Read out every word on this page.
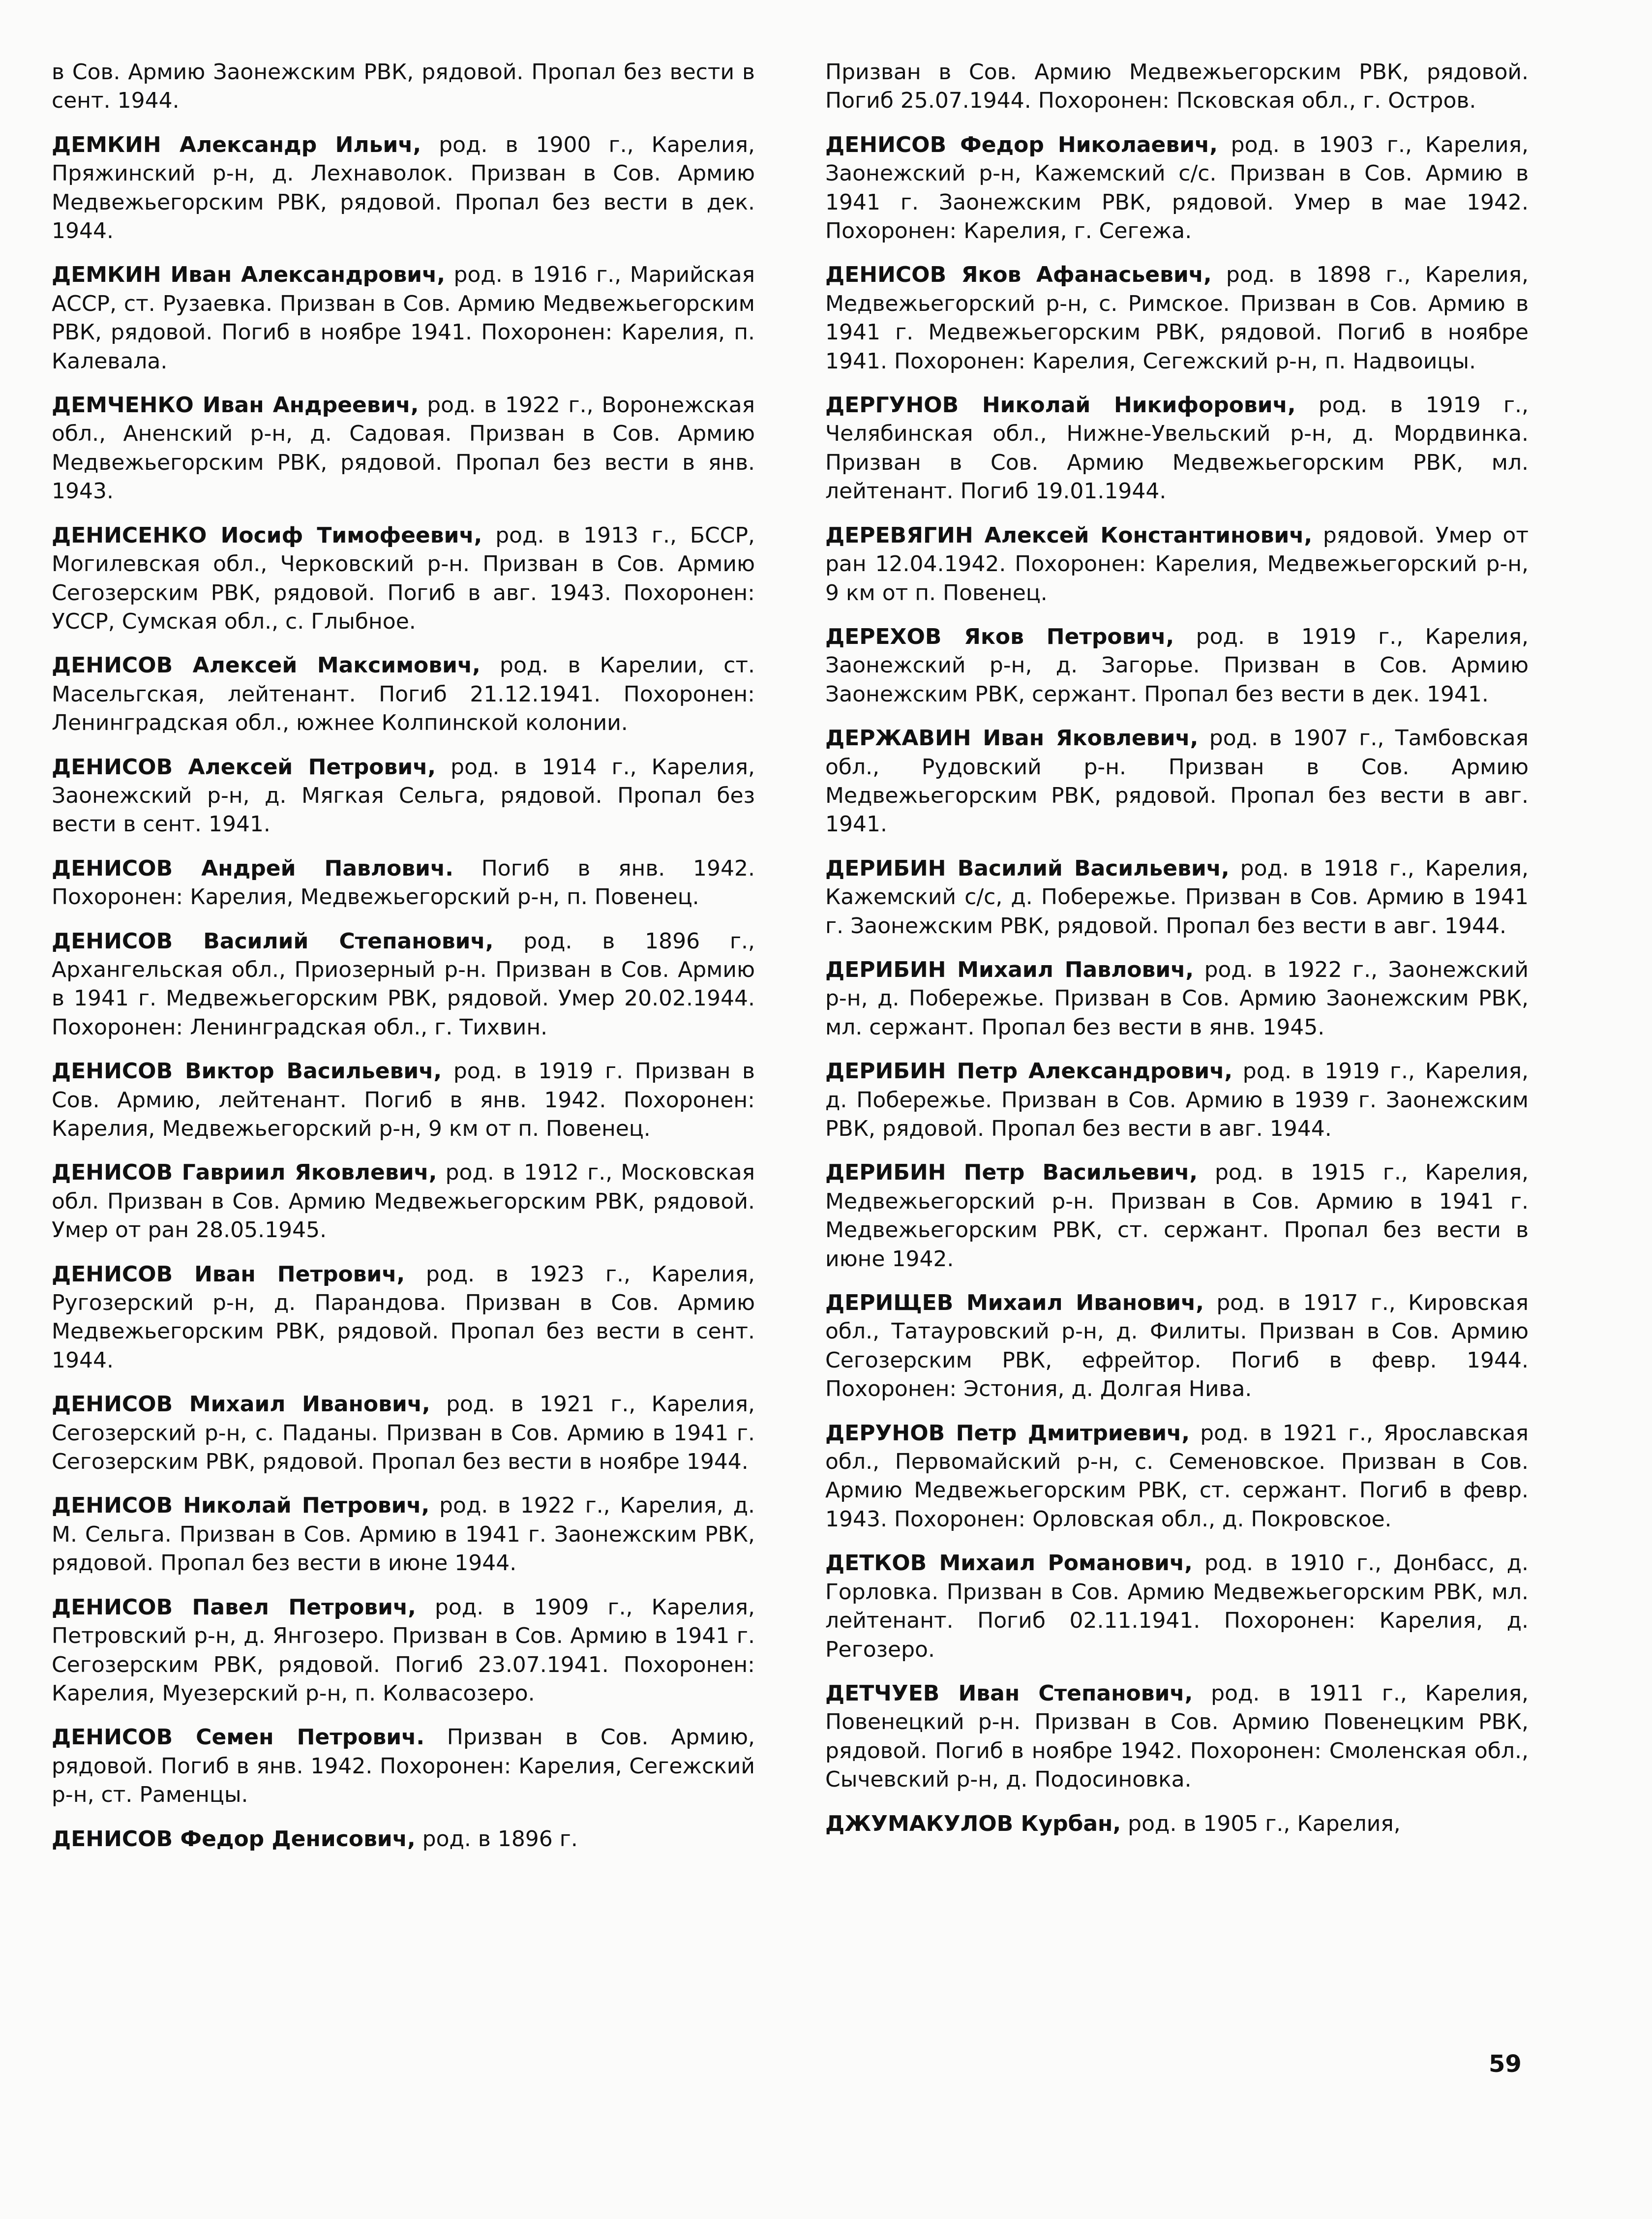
в Сов. Армию Заонежским РВК, рядовой. Пропал без вести в сент. 1944.

ДЕМКИН Александр Ильич, род. в 1900 г., Карелия, Пряжинский р-н, д. Лехнаволок. Призван в Сов. Армию Медвежьегорским РВК, рядовой. Пропал без вести в дек. 1944.

ДЕМКИН Иван Александрович, род. в 1916 г., Марийская АССР, ст. Рузаевка. Призван в Сов. Армию Медвежьегорским РВК, рядовой. Погиб в ноябре 1941. Похоронен: Карелия, п. Калевала.

ДЕМЧЕНКО Иван Андреевич, род. в 1922 г., Воронежская обл., Аненский р-н, д. Садовая. Призван в Сов. Армию Медвежьегорским РВК, рядовой. Пропал без вести в янв. 1943.

ДЕНИСЕНКО Иосиф Тимофеевич, род. в 1913 г., БССР, Могилевская обл., Черковский р-н. Призван в Сов. Армию Сегозерским РВК, рядовой. Погиб в авг. 1943. Похоронен: УССР, Сумская обл., с. Глыбное.

ДЕНИСОВ Алексей Максимович, род. в Карелии, ст. Масельгская, лейтенант. Погиб 21.12.1941. Похоронен: Ленинградская обл., южнее Колпинской колонии.

ДЕНИСОВ Алексей Петрович, род. в 1914 г., Карелия, Заонежский р-н, д. Мягкая Сельга, рядовой. Пропал без вести в сент. 1941.

ДЕНИСОВ Андрей Павлович. Погиб в янв. 1942. Похоронен: Карелия, Медвежьегорский р-н, п. Повенец.

ДЕНИСОВ Василий Степанович, род. в 1896 г., Архангельская обл., Приозерный р-н. Призван в Сов. Армию в 1941 г. Медвежьегорским РВК, рядовой. Умер 20.02.1944. Похоронен: Ленинградская обл., г. Тихвин.

ДЕНИСОВ Виктор Васильевич, род. в 1919 г. Призван в Сов. Армию, лейтенант. Погиб в янв. 1942. Похоронен: Карелия, Медвежьегорский р-н, 9 км от п. Повенец.

ДЕНИСОВ Гавриил Яковлевич, род. в 1912 г., Московская обл. Призван в Сов. Армию Медвежьегорским РВК, рядовой. Умер от ран 28.05.1945.

ДЕНИСОВ Иван Петрович, род. в 1923 г., Карелия, Ругозерский р-н, д. Парандова. Призван в Сов. Армию Медвежьегорским РВК, рядовой. Пропал без вести в сент. 1944.

ДЕНИСОВ Михаил Иванович, род. в 1921 г., Карелия, Сегозерский р-н, с. Паданы. Призван в Сов. Армию в 1941 г. Сегозерским РВК, рядовой. Пропал без вести в ноябре 1944.

ДЕНИСОВ Николай Петрович, род. в 1922 г., Карелия, д. М. Сельга. Призван в Сов. Армию в 1941 г. Заонежским РВК, рядовой. Пропал без вести в июне 1944.

ДЕНИСОВ Павел Петрович, род. в 1909 г., Карелия, Петровский р-н, д. Янгозеро. Призван в Сов. Армию в 1941 г. Сегозерским РВК, рядовой. Погиб 23.07.1941. Похоронен: Карелия, Муезерский р-н, п. Колвасозеро.

ДЕНИСОВ Семен Петрович. Призван в Сов. Армию, рядовой. Погиб в янв. 1942. Похоронен: Карелия, Сегежский р-н, ст. Раменцы.

ДЕНИСОВ Федор Денисович, род. в 1896 г.

Призван в Сов. Армию Медвежьегорским РВК, рядовой. Погиб 25.07.1944. Похоронен: Псковская обл., г. Остров.

ДЕНИСОВ Федор Николаевич, род. в 1903 г., Карелия, Заонежский р-н, Кажемский с/с. Призван в Сов. Армию в 1941 г. Заонежским РВК, рядовой. Умер в мае 1942. Похоронен: Карелия, г. Сегежа.

ДЕНИСОВ Яков Афанасьевич, род. в 1898 г., Карелия, Медвежьегорский р-н, с. Римское. Призван в Сов. Армию в 1941 г. Медвежьегорским РВК, рядовой. Погиб в ноябре 1941. Похоронен: Карелия, Сегежский р-н, п. Надвоицы.

ДЕРГУНОВ Николай Никифорович, род. в 1919 г., Челябинская обл., Нижне-Увельский р-н, д. Мордвинка. Призван в Сов. Армию Медвежьегорским РВК, мл. лейтенант. Погиб 19.01.1944.

ДЕРЕВЯГИН Алексей Константинович, рядовой. Умер от ран 12.04.1942. Похоронен: Карелия, Медвежьегорский р-н, 9 км от п. Повенец.

ДЕРЕХОВ Яков Петрович, род. в 1919 г., Карелия, Заонежский р-н, д. Загорье. Призван в Сов. Армию Заонежским РВК, сержант. Пропал без вести в дек. 1941.

ДЕРЖАВИН Иван Яковлевич, род. в 1907 г., Тамбовская обл., Рудовский р-н. Призван в Сов. Армию Медвежьегорским РВК, рядовой. Пропал без вести в авг. 1941.

ДЕРИБИН Василий Васильевич, род. в 1918 г., Карелия, Кажемский с/с, д. Побережье. Призван в Сов. Армию в 1941 г. Заонежским РВК, рядовой. Пропал без вести в авг. 1944.

ДЕРИБИН Михаил Павлович, род. в 1922 г., Заонежский р-н, д. Побережье. Призван в Сов. Армию Заонежским РВК, мл. сержант. Пропал без вести в янв. 1945.

ДЕРИБИН Петр Александрович, род. в 1919 г., Карелия, д. Побережье. Призван в Сов. Армию в 1939 г. Заонежским РВК, рядовой. Пропал без вести в авг. 1944.

ДЕРИБИН Петр Васильевич, род. в 1915 г., Карелия, Медвежьегорский р-н. Призван в Сов. Армию в 1941 г. Медвежьегорским РВК, ст. сержант. Пропал без вести в июне 1942.

ДЕРИЩЕВ Михаил Иванович, род. в 1917 г., Кировская обл., Татауровский р-н, д. Филиты. Призван в Сов. Армию Сегозерским РВК, ефрейтор. Погиб в февр. 1944. Похоронен: Эстония, д. Долгая Нива.

ДЕРУНОВ Петр Дмитриевич, род. в 1921 г., Ярославская обл., Первомайский р-н, с. Семеновское. Призван в Сов. Армию Медвежьегорским РВК, ст. сержант. Погиб в февр. 1943. Похоронен: Орловская обл., д. Покровское.

ДЕТКОВ Михаил Романович, род. в 1910 г., Донбасс, д. Горловка. Призван в Сов. Армию Медвежьегорским РВК, мл. лейтенант. Погиб 02.11.1941. Похоронен: Карелия, д. Регозеро.

ДЕТЧУЕВ Иван Степанович, род. в 1911 г., Карелия, Повенецкий р-н. Призван в Сов. Армию Повенецким РВК, рядовой. Погиб в ноябре 1942. Похоронен: Смоленская обл., Сычевский р-н, д. Подосиновка.

ДЖУМАКУЛОВ Курбан, род. в 1905 г., Карелия,

59
